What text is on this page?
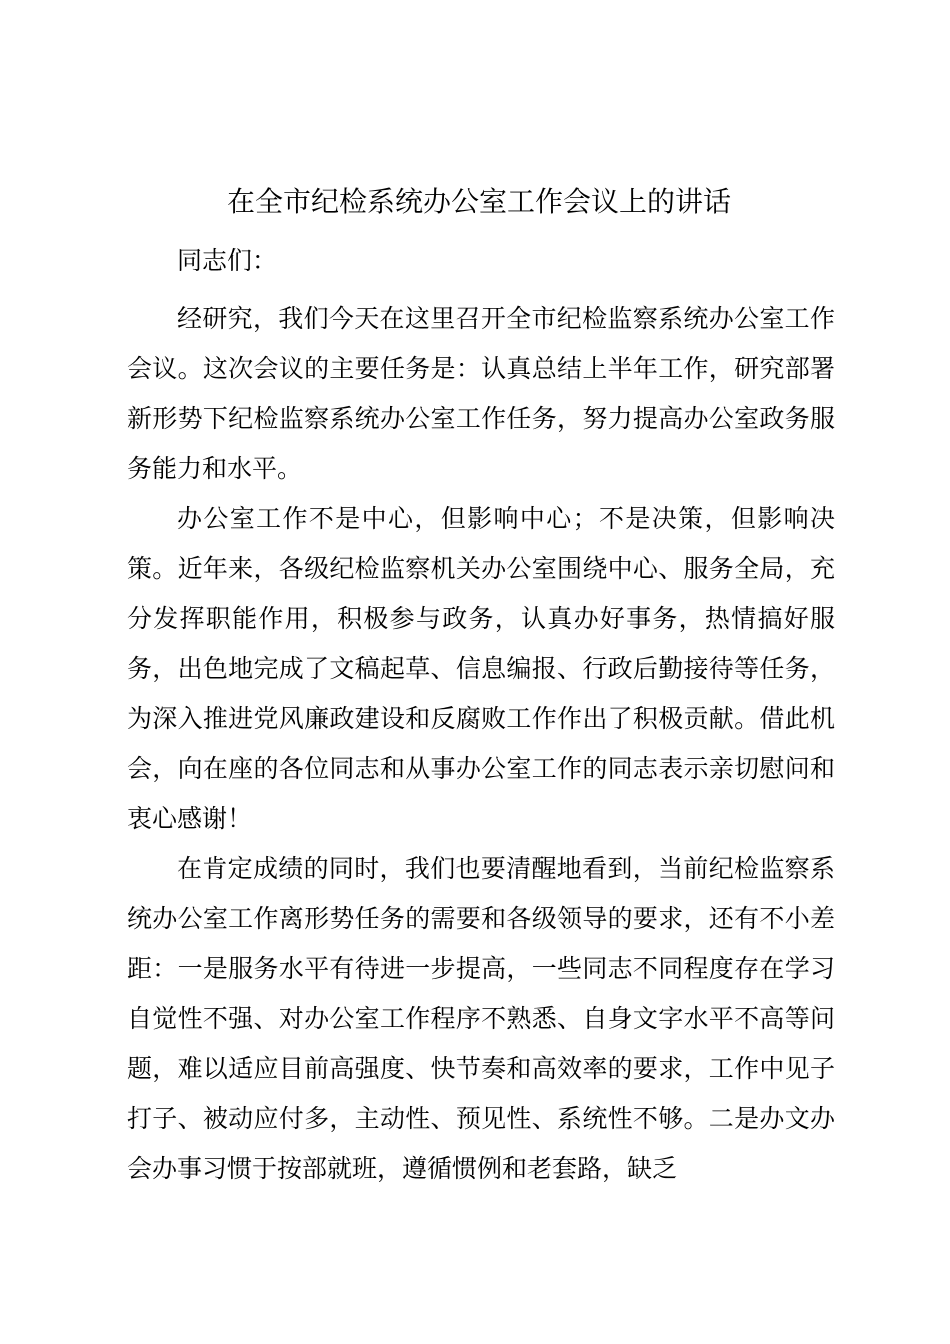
在全市纪检系统办公室工作会议上的讲话

同志们：

经研究，我们今天在这里召开全市纪检监察系统办公室工作会议。这次会议的主要任务是：认真总结上半年工作，研究部署新形势下纪检监察系统办公室工作任务，努力提高办公室政务服务能力和水平。

办公室工作不是中心，但影响中心；不是决策，但影响决策。近年来，各级纪检监察机关办公室围绕中心、服务全局，充分发挥职能作用，积极参与政务，认真办好事务，热情搞好服务，出色地完成了文稿起草、信息编报、行政后勤接待等任务，为深入推进党风廉政建设和反腐败工作作出了积极贡献。借此机会，向在座的各位同志和从事办公室工作的同志表示亲切慰问和衷心感谢！

在肯定成绩的同时，我们也要清醒地看到，当前纪检监察系统办公室工作离形势任务的需要和各级领导的要求，还有不小差距：一是服务水平有待进一步提高，一些同志不同程度存在学习自觉性不强、对办公室工作程序不熟悉、自身文字水平不高等问题，难以适应目前高强度、快节奏和高效率的要求，工作中见子打子、被动应付多，主动性、预见性、系统性不够。二是办文办会办事习惯于按部就班，遵循惯例和老套路，缺乏
